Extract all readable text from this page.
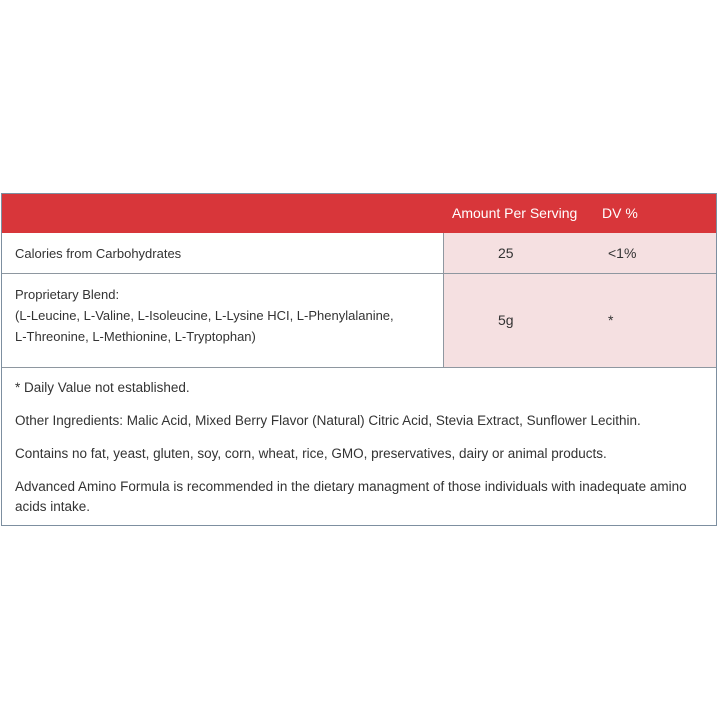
Amount Per Serving DV %
Calories from Carbohydrates	25	<1%
Proprietary Blend:
(L-Leucine, L-Valine, L-Isoleucine, L-Lysine HCI, L-Phenylalanine,
L-Threonine, L-Methionine, L-Tryptophan)
5g	*

* Daily Value not established.

Other Ingredients: Malic Acid, Mixed Berry Flavor (Natural) Citric Acid, Stevia Extract, Sunflower Lecithin.

Contains no fat, yeast, gluten, soy, corn, wheat, rice, GMO, preservatives, dairy or animal products.

Advanced Amino Formula is recommended in the dietary managment of those individuals with inadequate amino acids intake.
